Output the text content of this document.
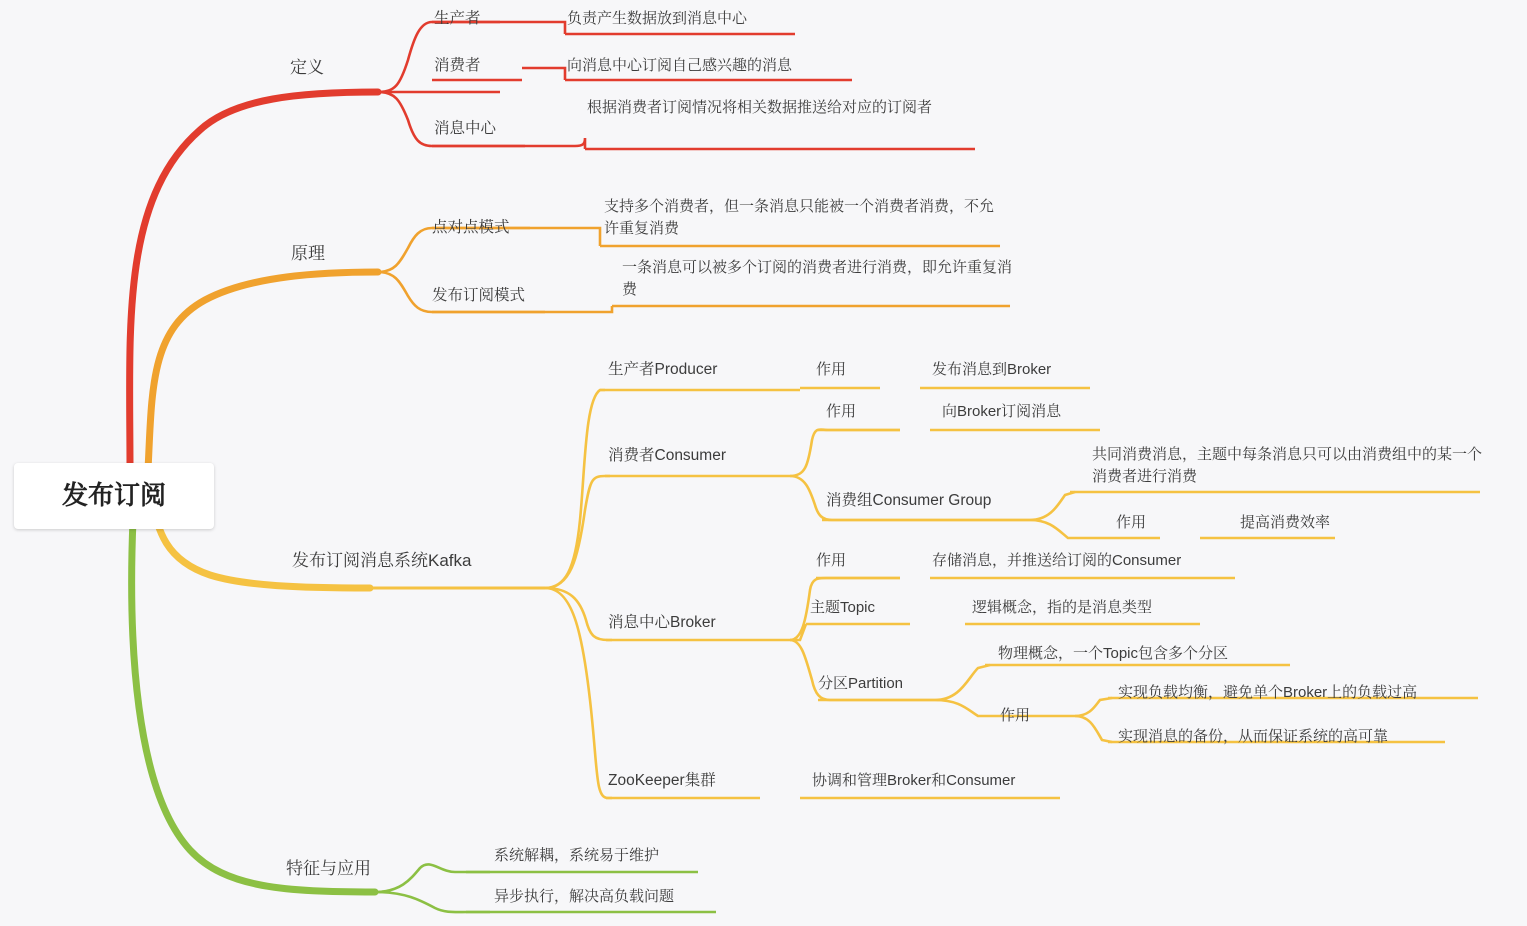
发布订阅
定义
生产者	负责产生数据放到消息中心
消费者	向消息中心订阅自己感兴趣的消息
消息中心
根据消费者订阅情况将相关数据推送给对应的订阅者
原理
点对点模式
支持多个消费者，但一条消息只能被一个消费者消费，不允许重复消费
发布订阅模式
一条消息可以被多个订阅的消费者进行消费，即允许重复消费
发布订阅消息系统Kafka
生产者Producer	作用	发布消息到Broker
消费者Consumer
作用	向Broker订阅消息
消费组Consumer Group
共同消费消息，主题中每条消息只可以由消费组中的某一个消费者进行消费
作用	提高消费效率
消息中心Broker
作用	存储消息，并推送给订阅的Consumer
主题Topic	逻辑概念，指的是消息类型
分区Partition
物理概念，一个Topic包含多个分区
作用
实现负载均衡，避免单个Broker上的负载过高
实现消息的备份，从而保证系统的高可靠
ZooKeeper集群	协调和管理Broker和Consumer
特征与应用
系统解耦，系统易于维护
异步执行，解决高负载问题
